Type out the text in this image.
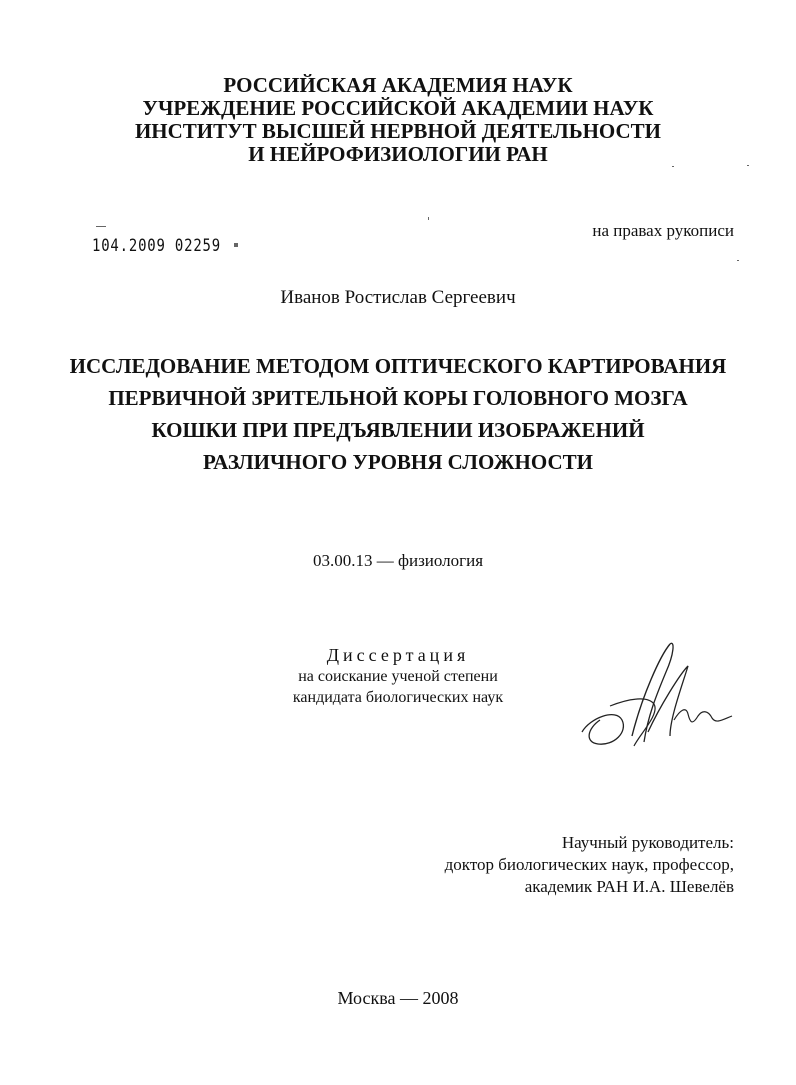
РОССИЙСКАЯ АКАДЕМИЯ НАУК
УЧРЕЖДЕНИЕ РОССИЙСКОЙ АКАДЕМИИ НАУК
ИНСТИТУТ ВЫСШЕЙ НЕРВНОЙ ДЕЯТЕЛЬНОСТИ
И НЕЙРОФИЗИОЛОГИИ РАН
104.2009 02259
на правах рукописи
Иванов Ростислав Сергеевич
ИССЛЕДОВАНИЕ МЕТОДОМ ОПТИЧЕСКОГО КАРТИРОВАНИЯ
ПЕРВИЧНОЙ ЗРИТЕЛЬНОЙ КОРЫ ГОЛОВНОГО МОЗГА
КОШКИ ПРИ ПРЕДЪЯВЛЕНИИ ИЗОБРАЖЕНИЙ
РАЗЛИЧНОГО УРОВНЯ СЛОЖНОСТИ
03.00.13 — физиология
Диссертация
на соискание ученой степени
кандидата биологических наук
Научный руководитель:
доктор биологических наук, профессор,
академик РАН И.А. Шевелёв
Москва — 2008
